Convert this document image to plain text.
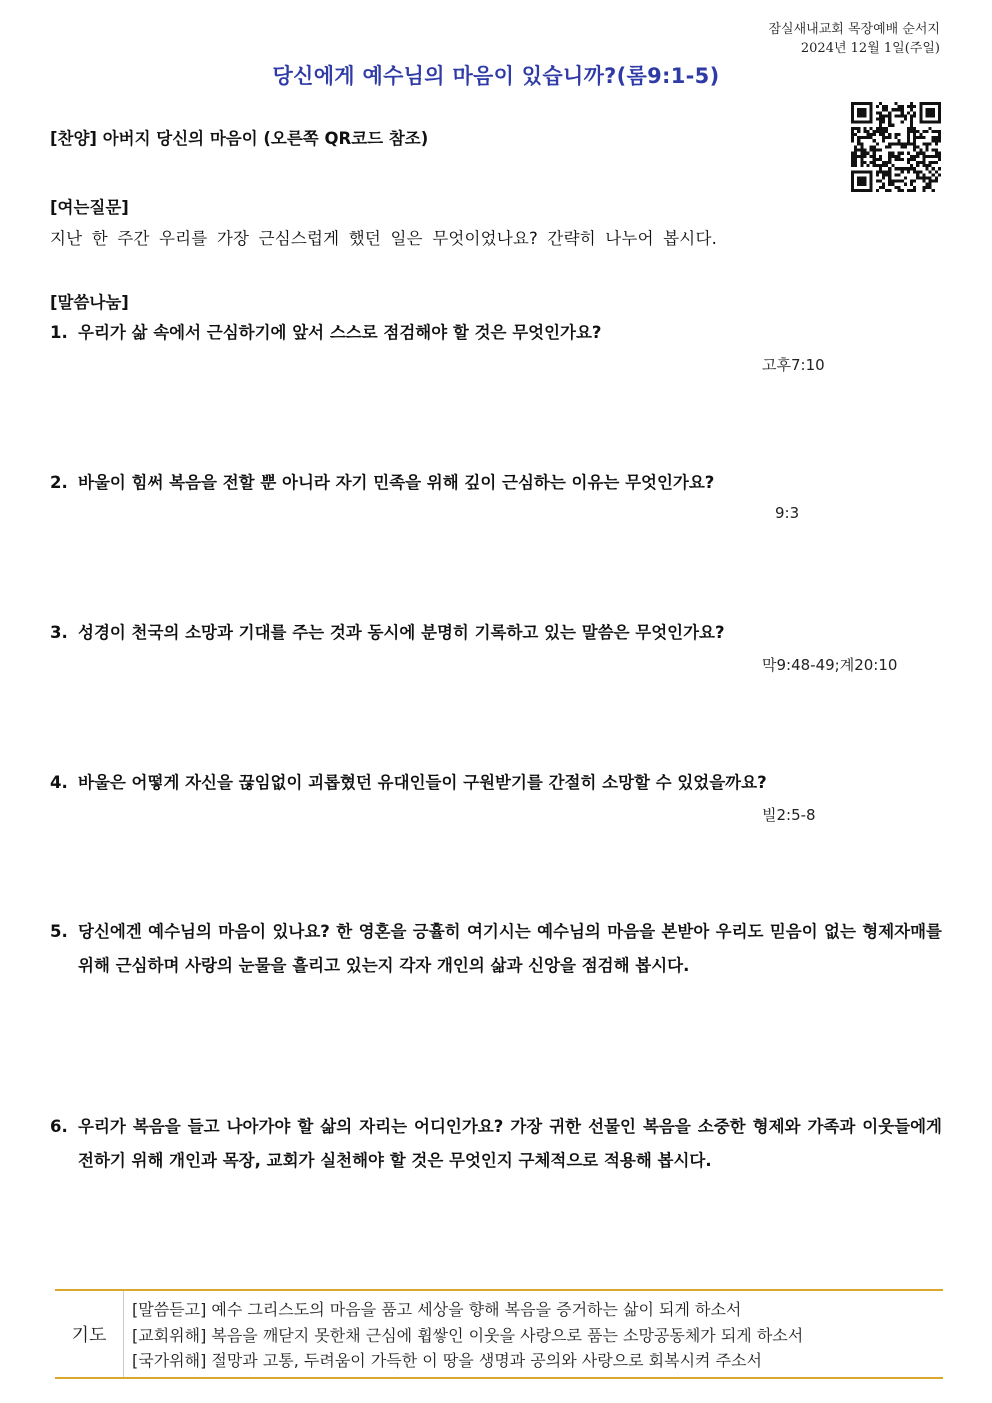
잠실새내교회 목장예배 순서지
2024년 12월 1일(주일)
당신에게 예수님의 마음이 있습니까?(롬9:1-5)
[찬양] 아버지 당신의 마음이 (오른쪽 QR코드 참조)
[여는질문]
지난 한 주간 우리를 가장 근심스럽게 했던 일은 무엇이었나요? 간략히 나누어 봅시다.
[말씀나눔]
1. 우리가 삶 속에서 근심하기에 앞서 스스로 점검해야 할 것은 무엇인가요?
고후7:10
2. 바울이 힘써 복음을 전할 뿐 아니라 자기 민족을 위해 깊이 근심하는 이유는 무엇인가요?
9:3
3. 성경이 천국의 소망과 기대를 주는 것과 동시에 분명히 기록하고 있는 말씀은 무엇인가요?
막9:48-49;계20:10
4. 바울은 어떻게 자신을 끊임없이 괴롭혔던 유대인들이 구원받기를 간절히 소망할 수 있었을까요?
빌2:5-8
5. 당신에겐 예수님의 마음이 있나요? 한 영혼을 긍휼히 여기시는 예수님의 마음을 본받아 우리도 믿음이 없는 형제자매를 위해 근심하며 사랑의 눈물을 흘리고 있는지 각자 개인의 삶과 신앙을 점검해 봅시다.
6. 우리가 복음을 들고 나아가야 할 삶의 자리는 어디인가요? 가장 귀한 선물인 복음을 소중한 형제와 가족과 이웃들에게 전하기 위해 개인과 목장, 교회가 실천해야 할 것은 무엇인지 구체적으로 적용해 봅시다.
기도
[말씀듣고] 예수 그리스도의 마음을 품고 세상을 향해 복음을 증거하는 삶이 되게 하소서
[교회위해] 복음을 깨닫지 못한채 근심에 휩쌓인 이웃을 사랑으로 품는 소망공동체가 되게 하소서
[국가위해] 절망과 고통, 두려움이 가득한 이 땅을 생명과 공의와 사랑으로 회복시켜 주소서
